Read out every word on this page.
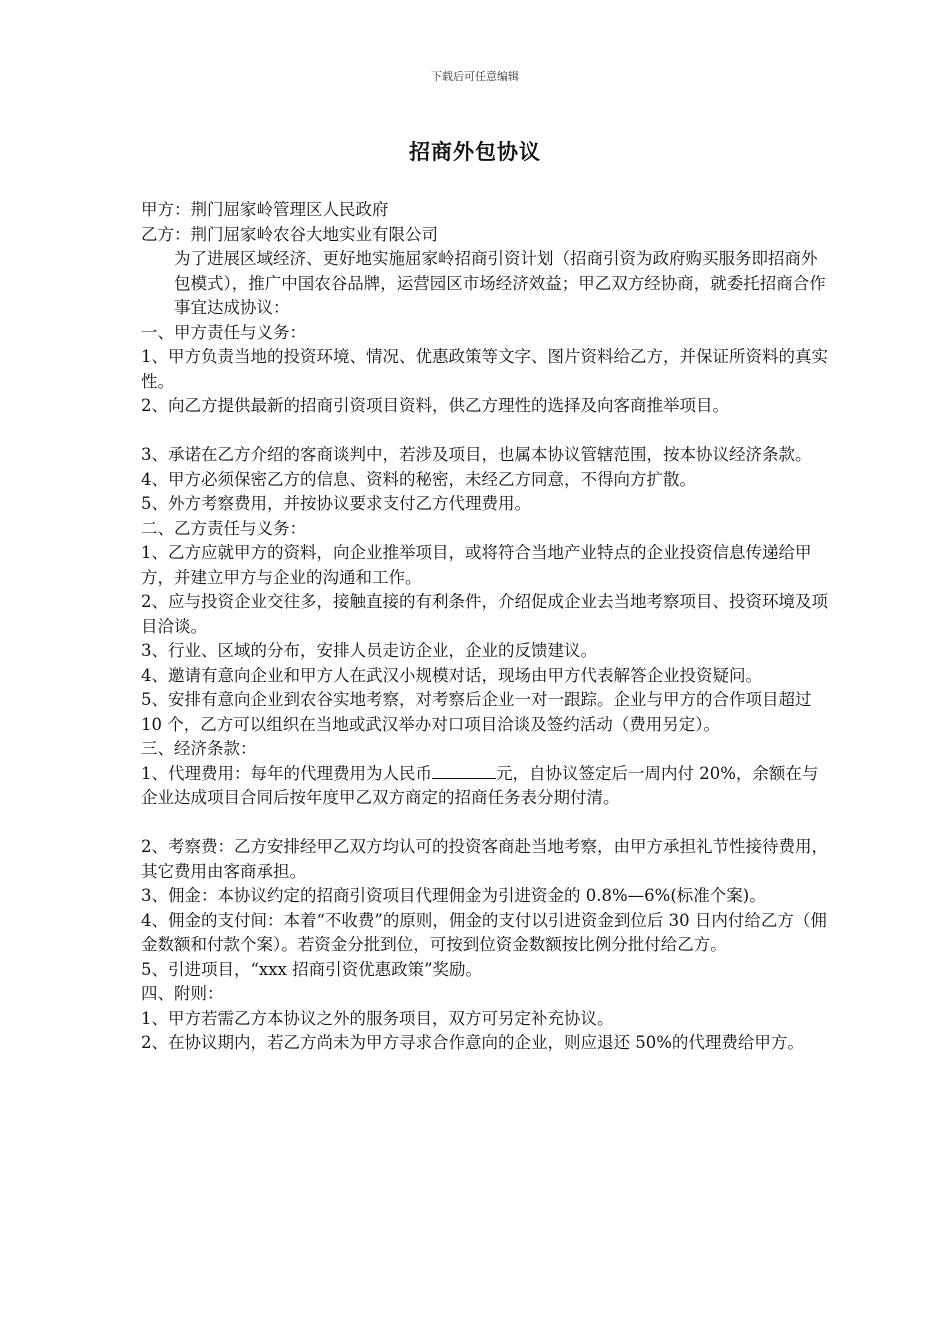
下载后可任意编辑
招商外包协议
甲方：荆门屈家岭管理区人民政府
乙方：荆门屈家岭农谷大地实业有限公司
为了进展区域经济、更好地实施屈家岭招商引资计划（招商引资为政府购买服务即招商外包模式），推广中国农谷品牌，运营园区市场经济效益；甲乙双方经协商，就委托招商合作事宜达成协议：
一、甲方责任与义务：
1、甲方负责当地的投资环境、情况、优惠政策等文字、图片资料给乙方，并保证所资料的真实性。
2、向乙方提供最新的招商引资项目资料，供乙方理性的选择及向客商推举项目。
3、承诺在乙方介绍的客商谈判中，若涉及项目，也属本协议管辖范围，按本协议经济条款。
4、甲方必须保密乙方的信息、资料的秘密，未经乙方同意，不得向方扩散。
5、外方考察费用，并按协议要求支付乙方代理费用。
二、乙方责任与义务：
1、乙方应就甲方的资料，向企业推举项目，或将符合当地产业特点的企业投资信息传递给甲方，并建立甲方与企业的沟通和工作。
2、应与投资企业交往多，接触直接的有利条件，介绍促成企业去当地考察项目、投资环境及项目洽谈。
3、行业、区域的分布，安排人员走访企业，企业的反馈建议。
4、邀请有意向企业和甲方人在武汉小规模对话，现场由甲方代表解答企业投资疑问。
5、安排有意向企业到农谷实地考察，对考察后企业一对一跟踪。企业与甲方的合作项目超过 10 个，乙方可以组织在当地或武汉举办对口项目洽谈及签约活动（费用另定）。
三、经济条款：
1、代理费用：每年的代理费用为人民币	元，自协议签定后一周内付 20%，余额在与企业达成项目合同后按年度甲乙双方商定的招商任务表分期付清。
2、考察费：乙方安排经甲乙双方均认可的投资客商赴当地考察，由甲方承担礼节性接待费用，其它费用由客商承担。
3、佣金：本协议约定的招商引资项目代理佣金为引进资金的 0.8%—6%(标准个案)。
4、佣金的支付间：本着“不收费”的原则，佣金的支付以引进资金到位后 30 日内付给乙方（佣金数额和付款个案）。若资金分批到位，可按到位资金数额按比例分批付给乙方。
5、引进项目，“xxx 招商引资优惠政策”奖励。
四、附则：
1、甲方若需乙方本协议之外的服务项目，双方可另定补充协议。
2、在协议期内，若乙方尚未为甲方寻求合作意向的企业，则应退还 50%的代理费给甲方。
